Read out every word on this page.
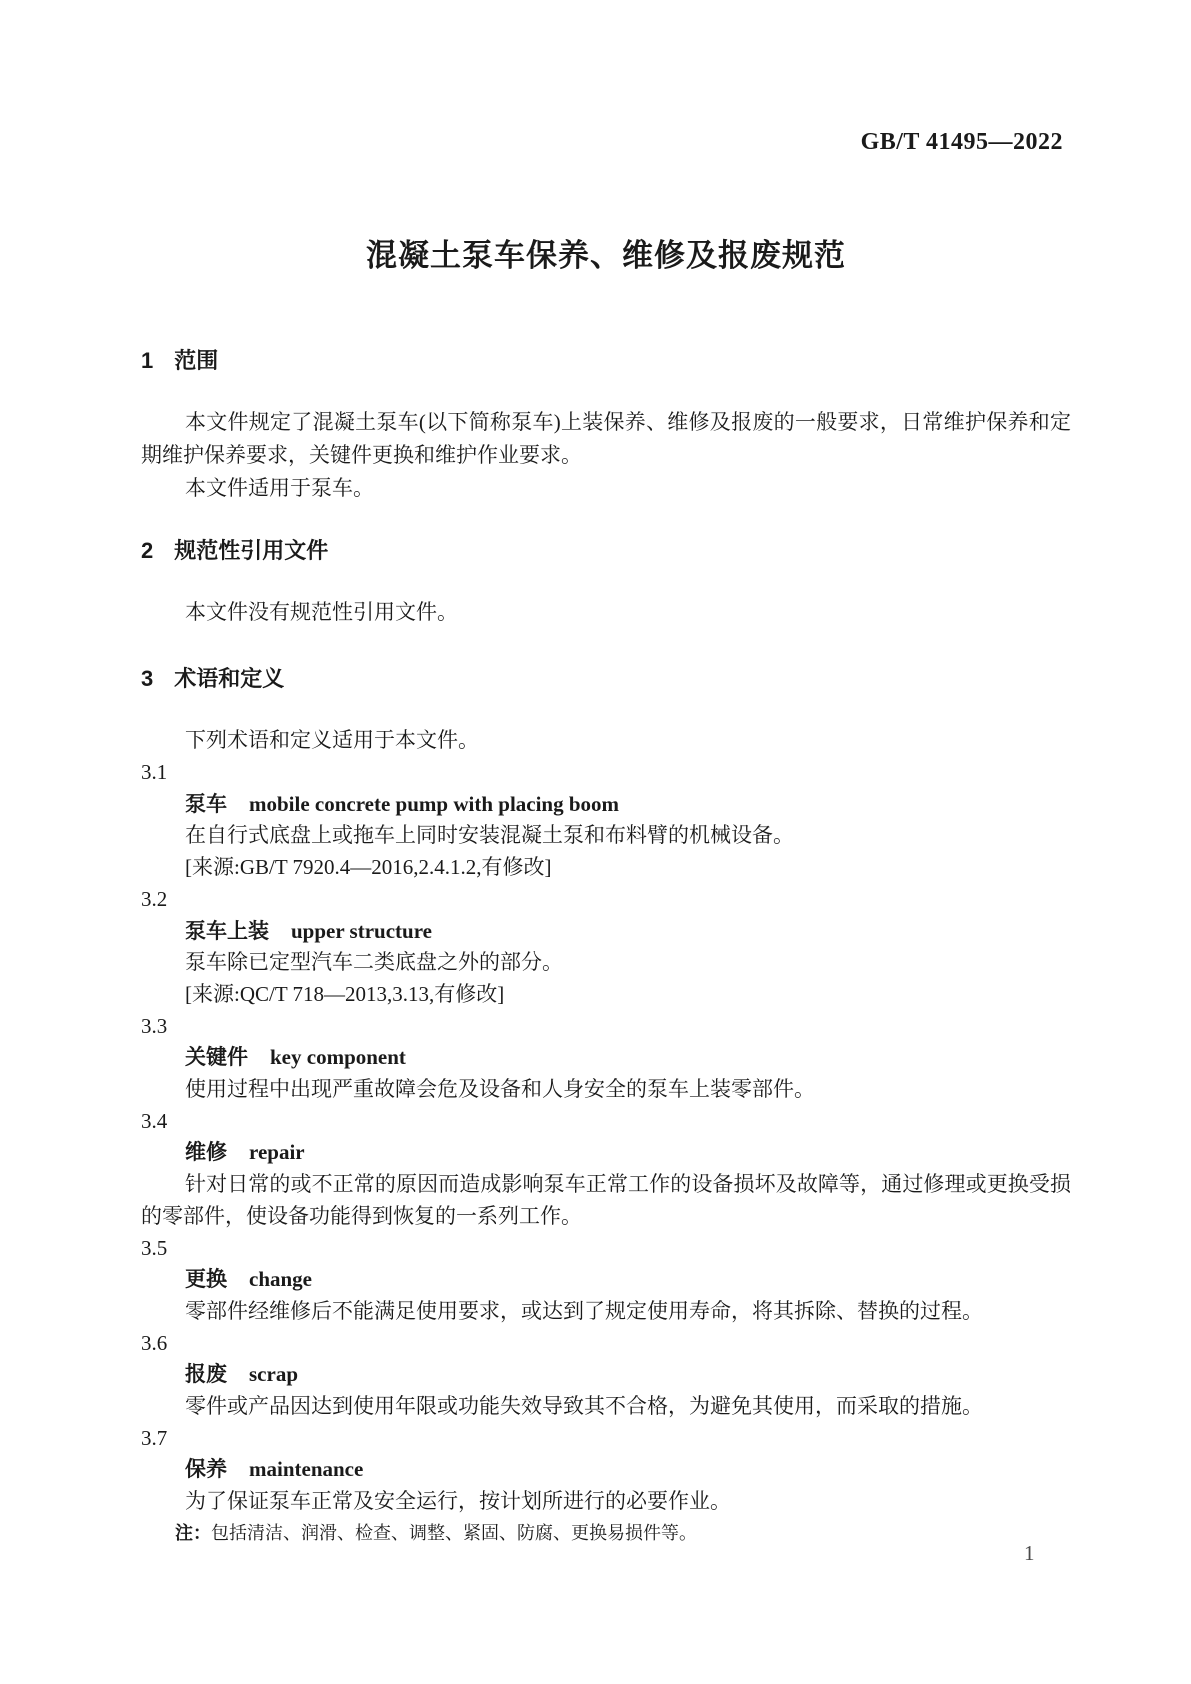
GB/T 41495—2022
混凝土泵车保养、维修及报废规范
1 范围

本文件规定了混凝土泵车(以下简称泵车)上装保养、维修及报废的一般要求，日常维护保养和定期维护保养要求，关键件更换和维护作业要求。

本文件适用于泵车。

2 规范性引用文件

本文件没有规范性引用文件。

3 术语和定义

下列术语和定义适用于本文件。

3.1

泵车 mobile concrete pump with placing boom

在自行式底盘上或拖车上同时安装混凝土泵和布料臂的机械设备。

[来源:GB/T 7920.4—2016,2.4.1.2,有修改]

3.2

泵车上装 upper structure

泵车除已定型汽车二类底盘之外的部分。

[来源:QC/T 718—2013,3.13,有修改]

3.3

关键件 key component

使用过程中出现严重故障会危及设备和人身安全的泵车上装零部件。

3.4

维修 repair

针对日常的或不正常的原因而造成影响泵车正常工作的设备损坏及故障等，通过修理或更换受损的零部件，使设备功能得到恢复的一系列工作。

3.5

更换 change

零部件经维修后不能满足使用要求，或达到了规定使用寿命，将其拆除、替换的过程。

3.6

报废 scrap

零件或产品因达到使用年限或功能失效导致其不合格，为避免其使用，而采取的措施。

3.7

保养 maintenance

为了保证泵车正常及安全运行，按计划所进行的必要作业。

注：包括清洁、润滑、检查、调整、紧固、防腐、更换易损件等。

1
